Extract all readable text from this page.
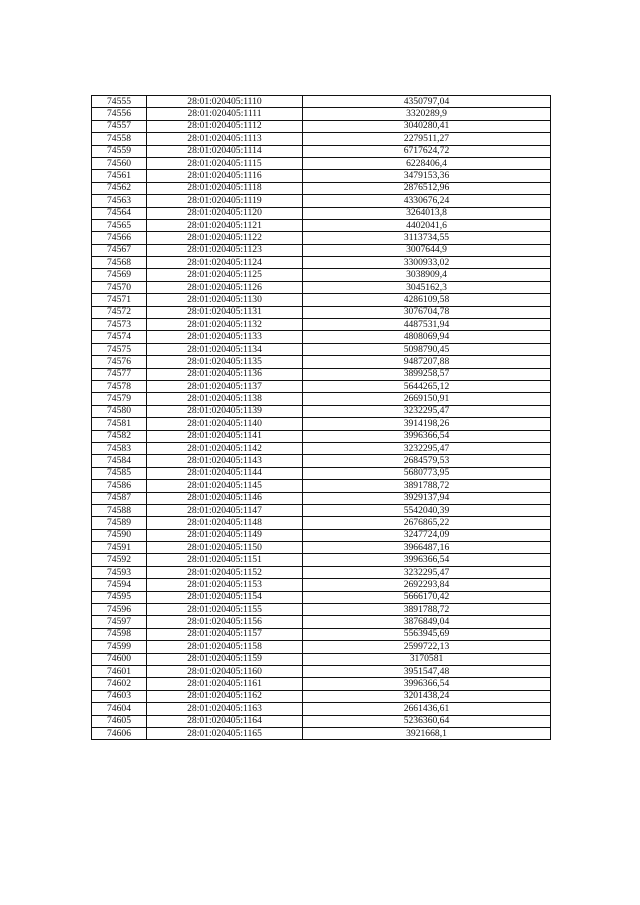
74555	28:01:020405:1110	4350797,04
74556	28:01:020405:1111	3320289,9
74557	28:01:020405:1112	3040280,41
74558	28:01:020405:1113	2279511,27
74559	28:01:020405:1114	6717624,72
74560	28:01:020405:1115	6228406,4
74561	28:01:020405:1116	3479153,36
74562	28:01:020405:1118	2876512,96
74563	28:01:020405:1119	4330676,24
74564	28:01:020405:1120	3264013,8
74565	28:01:020405:1121	4402041,6
74566	28:01:020405:1122	3113734,55
74567	28:01:020405:1123	3007644,9
74568	28:01:020405:1124	3300933,02
74569	28:01:020405:1125	3038909,4
74570	28:01:020405:1126	3045162,3
74571	28:01:020405:1130	4286109,58
74572	28:01:020405:1131	3076704,78
74573	28:01:020405:1132	4487531,94
74574	28:01:020405:1133	4808069,94
74575	28:01:020405:1134	5098790,45
74576	28:01:020405:1135	9487207,88
74577	28:01:020405:1136	3899258,57
74578	28:01:020405:1137	5644265,12
74579	28:01:020405:1138	2669150,91
74580	28:01:020405:1139	3232295,47
74581	28:01:020405:1140	3914198,26
74582	28:01:020405:1141	3996366,54
74583	28:01:020405:1142	3232295,47
74584	28:01:020405:1143	2684579,53
74585	28:01:020405:1144	5680773,95
74586	28:01:020405:1145	3891788,72
74587	28:01:020405:1146	3929137,94
74588	28:01:020405:1147	5542040,39
74589	28:01:020405:1148	2676865,22
74590	28:01:020405:1149	3247724,09
74591	28:01:020405:1150	3966487,16
74592	28:01:020405:1151	3996366,54
74593	28:01:020405:1152	3232295,47
74594	28:01:020405:1153	2692293,84
74595	28:01:020405:1154	5666170,42
74596	28:01:020405:1155	3891788,72
74597	28:01:020405:1156	3876849,04
74598	28:01:020405:1157	5563945,69
74599	28:01:020405:1158	2599722,13
74600	28:01:020405:1159	3170581
74601	28:01:020405:1160	3951547,48
74602	28:01:020405:1161	3996366,54
74603	28:01:020405:1162	3201438,24
74604	28:01:020405:1163	2661436,61
74605	28:01:020405:1164	5236360,64
74606	28:01:020405:1165	3921668,1
